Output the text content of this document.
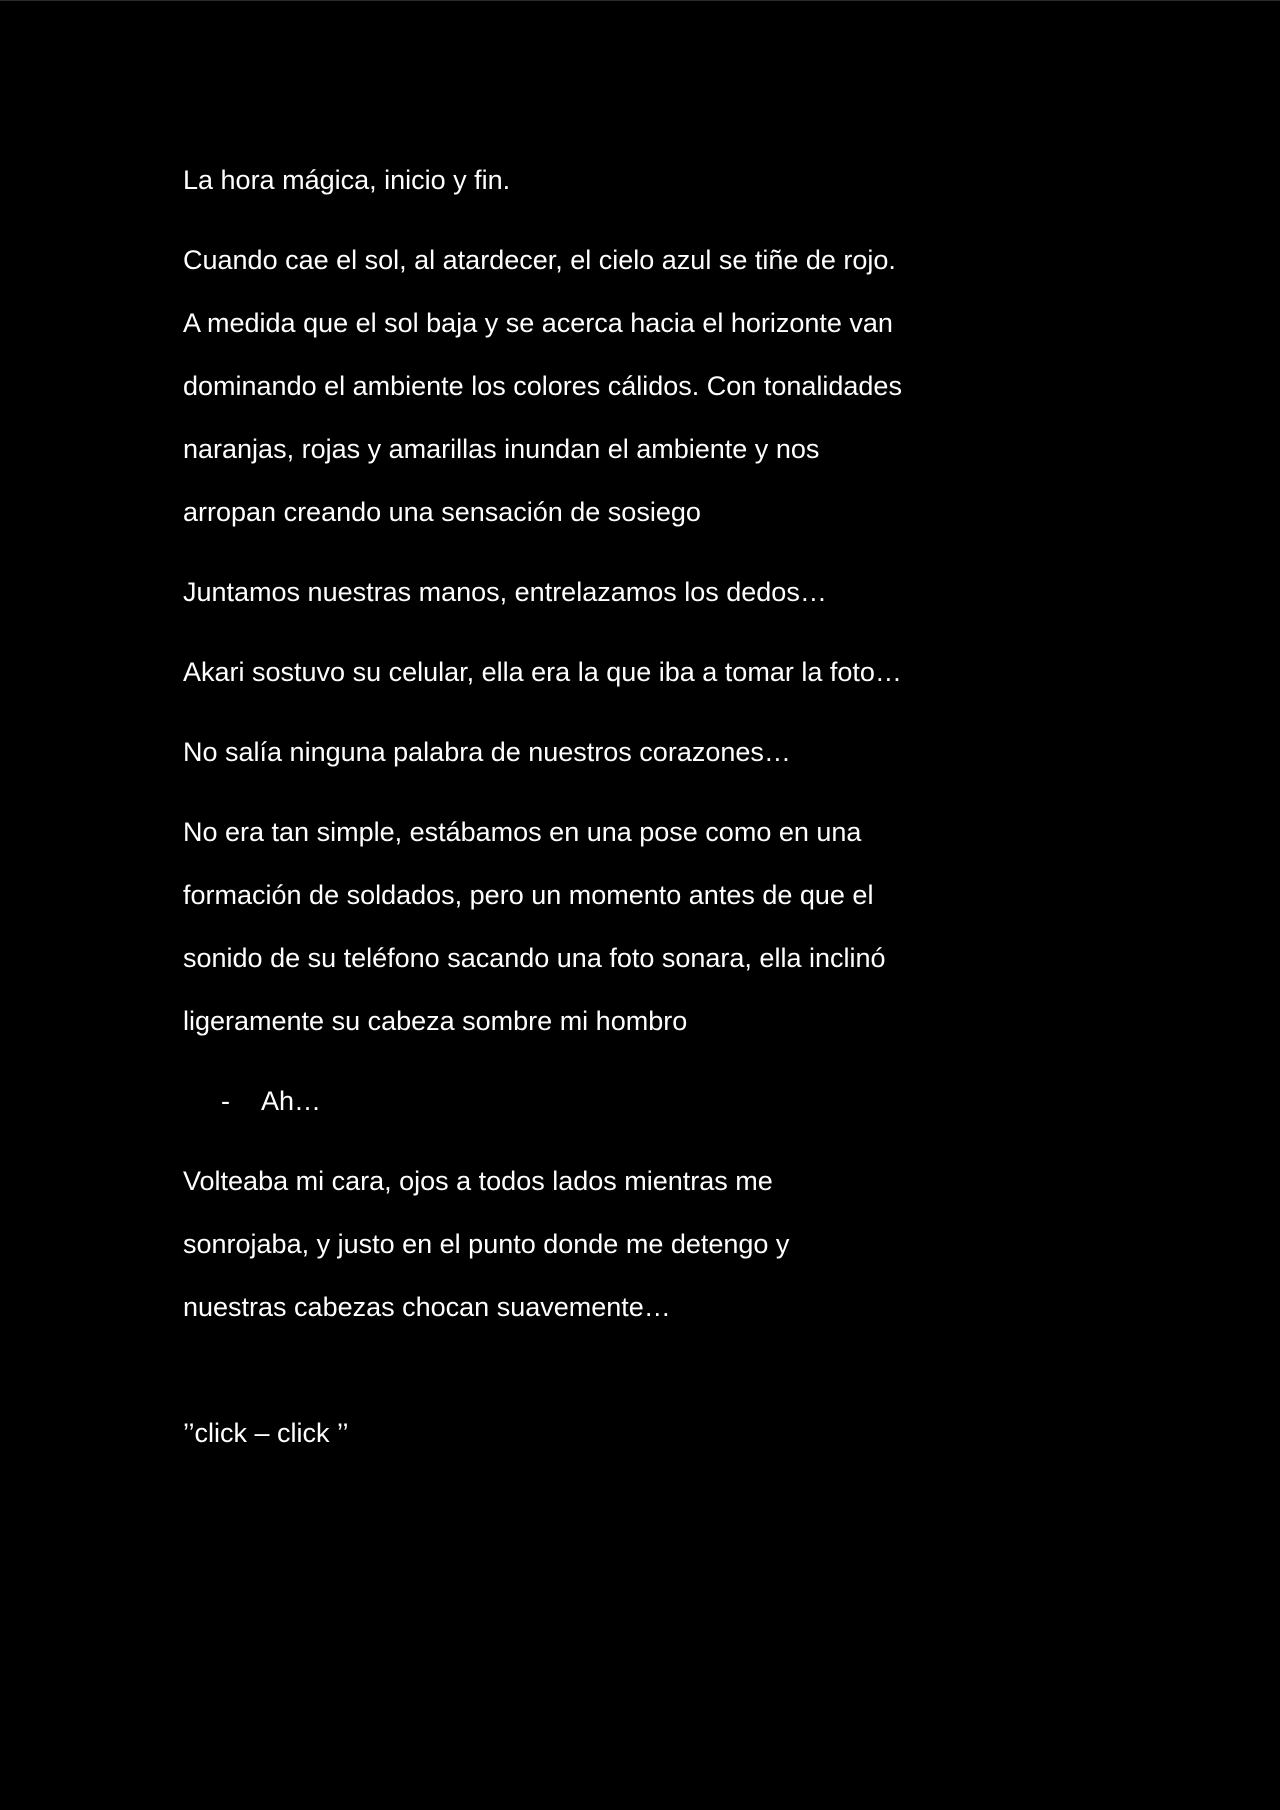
La hora mágica, inicio y fin.

Cuando cae el sol, al atardecer, el cielo azul se tiñe de rojo.
A medida que el sol baja y se acerca hacia el horizonte van
dominando el ambiente los colores cálidos. Con tonalidades
naranjas, rojas y amarillas inundan el ambiente y nos
arropan creando una sensación de sosiego

Juntamos nuestras manos, entrelazamos los dedos…

Akari sostuvo su celular, ella era la que iba a tomar la foto…

No salía ninguna palabra de nuestros corazones…

No era tan simple, estábamos en una pose como en una
formación de soldados, pero un momento antes de que el
sonido de su teléfono sacando una foto sonara, ella inclinó
ligeramente su cabeza sombre mi hombro

- Ah…

Volteaba mi cara, ojos a todos lados mientras me
sonrojaba, y justo en el punto donde me detengo y
nuestras cabezas chocan suavemente…

’’click – click ’’
